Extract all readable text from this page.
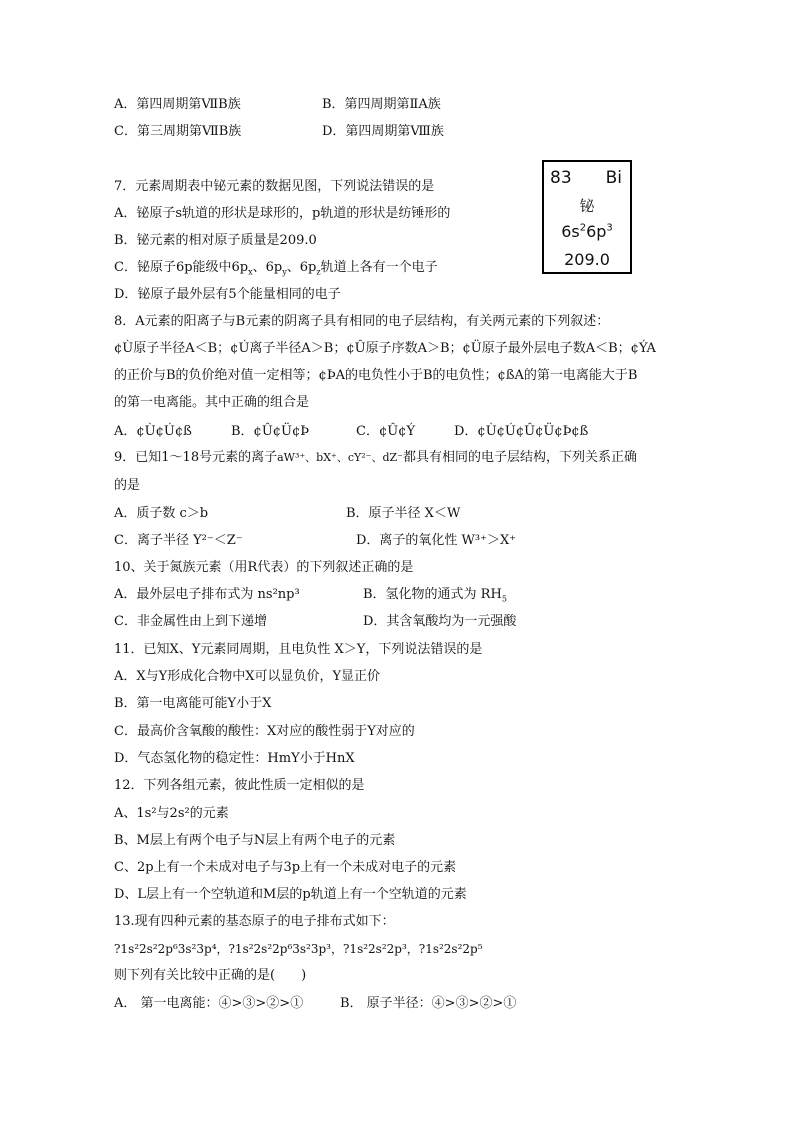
A．第四周期第ⅦB族	B．第四周期第ⅡA族
C．第三周期第ⅦB族	D．第四周期第Ⅷ族
83 Bi
铋
$6s^26p^3$
209.0
7．元素周期表中铋元素的数据见图，下列说法错误的是
A．铋原子s轨道的形状是球形的，p轨道的形状是纺锤形的
B．铋元素的相对原子质量是209.0
C．铋原子6p能级中$6p_x$、$6p_y$、$6p_z$轨道上各有一个电子
D．铋原子最外层有5个能量相同的电子
8．A元素的阳离子与B元素的阴离子具有相同的电子层结构，有关两元素的下列叙述：
¢Ù原子半径A＜B；¢Ú离子半径A＞B；¢Û原子序数A＞B；¢Ü原子最外层电子数A＜B；¢ÝA
的正价与B的负价绝对值一定相等；¢ÞA的电负性小于B的电负性；¢ßA的第一电离能大于B
的第一电离能。其中正确的组合是
A．¢Ù¢Ú¢ß	B．¢Û¢Ü¢Þ	C．¢Û¢Ý	D．¢Ù¢Ú¢Û¢Ü¢Þ¢ß
9．已知1～18号元素的离子aW³⁺、bX⁺、cY²⁻、dZ⁻都具有相同的电子层结构，下列关系正确
的是
A．质子数 c＞b	B．原子半径 X＜W
C．离子半径 Y²⁻＜Z⁻	D．离子的氧化性 W³⁺＞X⁺
10、关于氮族元素（用R代表）的下列叙述正确的是
A．最外层电子排布式为 ns²np³	B．氢化物的通式为 $RH_5$
C．非金属性由上到下递增	D．其含氧酸均为一元强酸
11．已知X、Y元素同周期，且电负性 X＞Y，下列说法错误的是
A．X与Y形成化合物中X可以显负价，Y显正价
B．第一电离能可能Y小于X
C．最高价含氧酸的酸性：X对应的酸性弱于Y对应的
D．气态氢化物的稳定性：HmY小于HnX
12．下列各组元素，彼此性质一定相似的是
A、1s²与2s²的元素
B、M层上有两个电子与N层上有两个电子的元素
C、2p上有一个未成对电子与3p上有一个未成对电子的元素
D、L层上有一个空轨道和M层的p轨道上有一个空轨道的元素
13.现有四种元素的基态原子的电子排布式如下：
?1s²2s²2p⁶3s²3p⁴，?1s²2s²2p⁶3s²3p³，?1s²2s²2p³，?1s²2s²2p⁵
则下列有关比较中正确的是(　　)
A． 第一电离能：④>③>②>①	B． 原子半径：④>③>②>①
